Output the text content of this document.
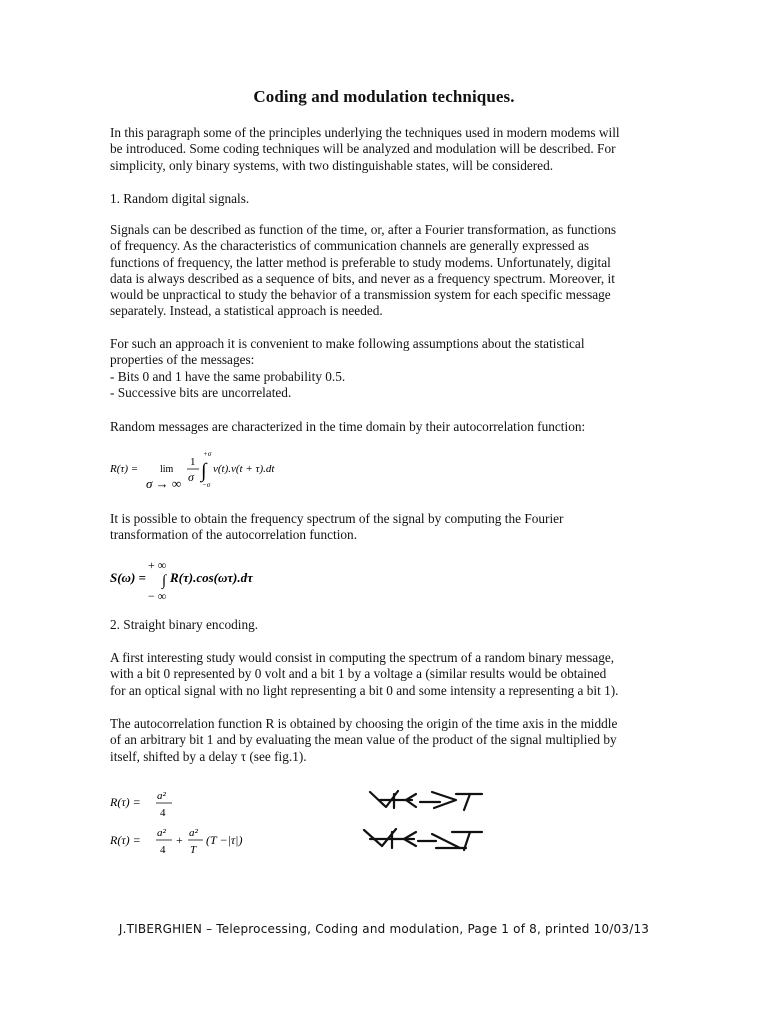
Coding and modulation techniques.

In this paragraph some of the principles underlying the techniques used in modern modems will
be introduced. Some coding techniques will be analyzed and modulation will be described. For
simplicity, only binary systems, with two distinguishable states, will be considered.

1. Random digital signals.

Signals can be described as function of the time, or, after a Fourier transformation, as functions
of frequency. As the characteristics of communication channels are generally expressed as
functions of frequency, the latter method is preferable to study modems. Unfortunately, digital
data is always described as a sequence of bits, and never as a frequency spectrum. Moreover, it
would be unpractical to study the behavior of a transmission system for each specific message
separately. Instead, a statistical approach is needed.

For such an approach it is convenient to make following assumptions about the statistical
properties of the messages:
- Bits 0 and 1 have the same probability 0.5.
- Successive bits are uncorrelated.

Random messages are characterized in the time domain by their autocorrelation function:

R(τ) = lim
σ → ∞
1
σ
+σ
∫
−σ
v(t).v(t + τ).dt

It is possible to obtain the frequency spectrum of the signal by computing the Fourier
transformation of the autocorrelation function.

S(ω) =
+ ∞
∫
− ∞
R(τ).cos(ωτ).dτ

2. Straight binary encoding.

A first interesting study would consist in computing the spectrum of a random binary message,
with a bit 0 represented by 0 volt and a bit 1 by a voltage a (similar results would be obtained
for an optical signal with no light representing a bit 0 and some intensity a representing a bit 1).

The autocorrelation function R is obtained by choosing the origin of the time axis in the middle
of an arbitrary bit 1 and by evaluating the mean value of the product of the signal multiplied by
itself, shifted by a delay τ (see fig.1).

R(τ) = a²
4
R(τ) = a²
4
+ a²
T
(T −|τ|)
J.TIBERGHIEN – Teleprocessing, Coding and modulation, Page 1 of 8, printed 10/03/13
